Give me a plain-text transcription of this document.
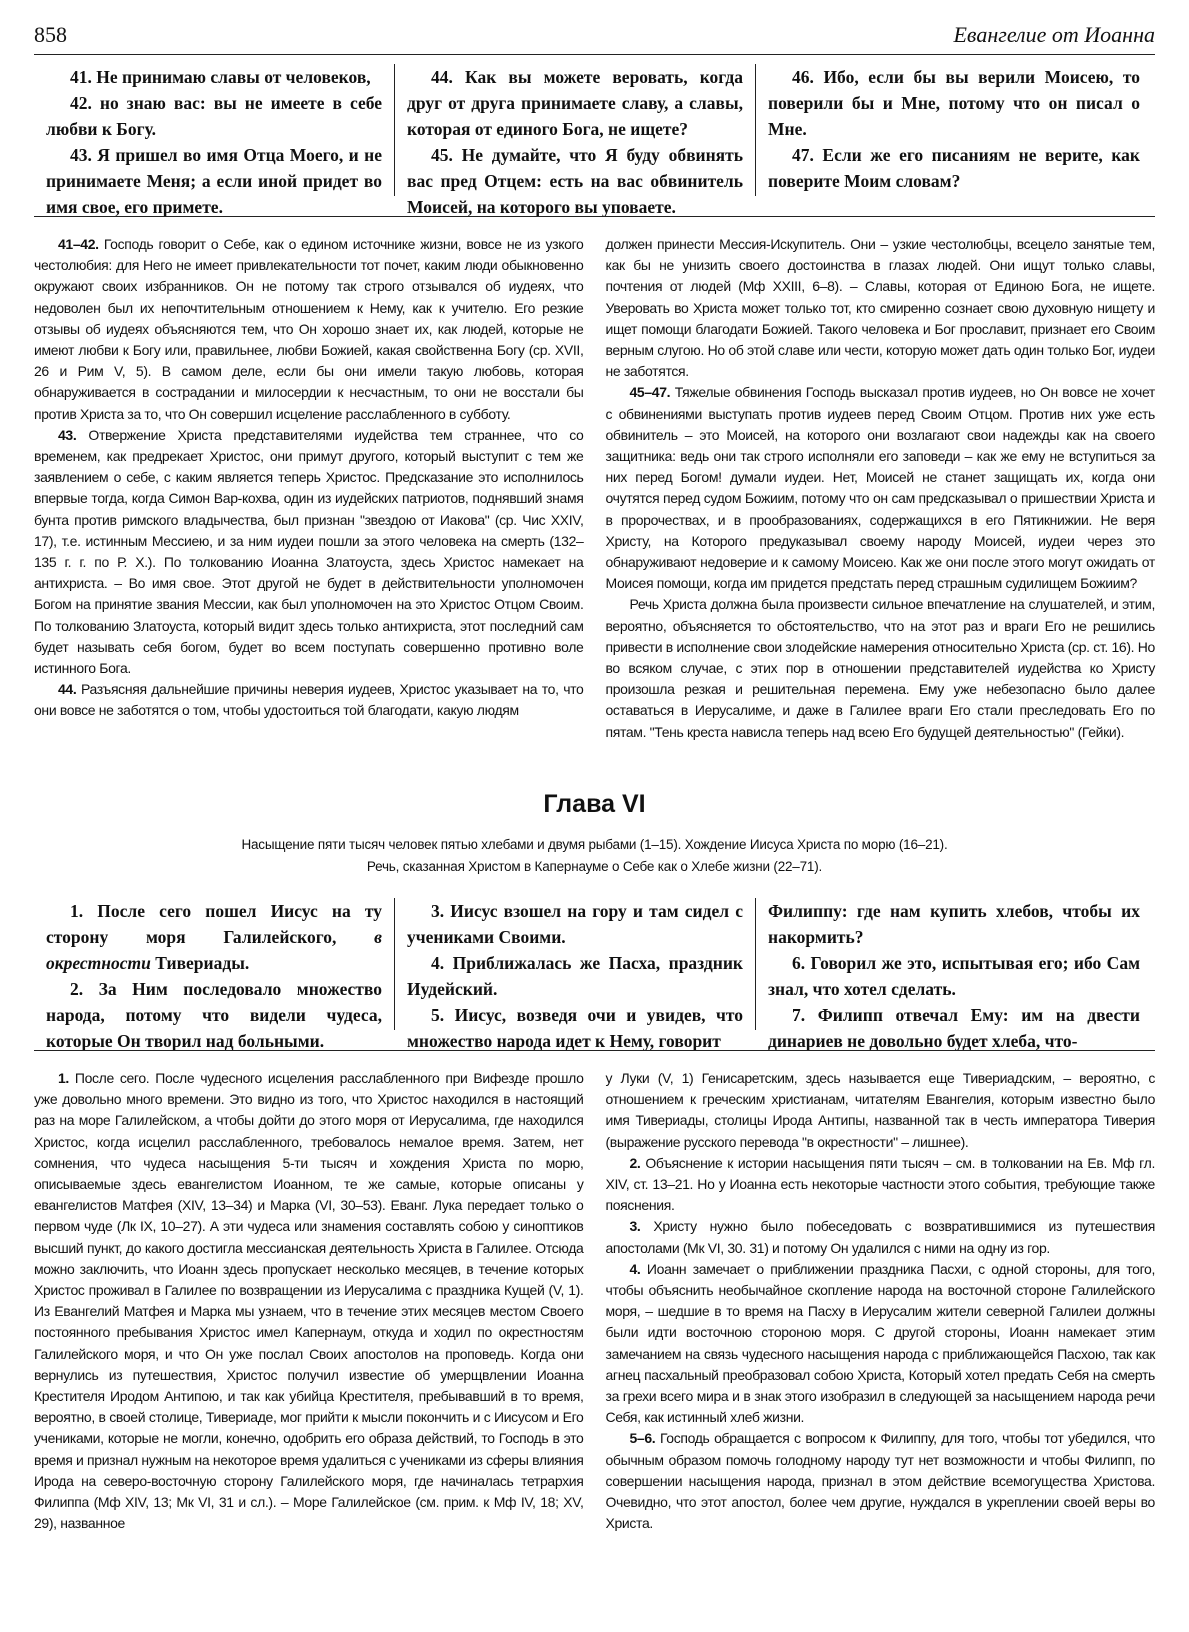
858	Евангелие от Иоанна

41. Не принимаю славы от человеков,

42. но знаю вас: вы не имеете в себе любви к Богу.

43. Я пришел во имя Отца Моего, и не принимаете Меня; а если иной придет во имя свое, его примете.

44. Как вы можете веровать, когда друг от друга принимаете славу, а славы, которая от единого Бога, не ищете?

45. Не думайте, что Я буду обвинять вас пред Отцем: есть на вас обвинитель Моисей, на которого вы уповаете.

46. Ибо, если бы вы верили Моисею, то поверили бы и Мне, потому что он писал о Мне.

47. Если же его писаниям не верите, как поверите Моим словам?

41–42. Господь говорит о Себе, как о едином источнике жизни, вовсе не из узкого честолюбия: для Него не имеет привлекательности тот почет, каким люди обыкновенно окружают своих избранников. Он не потому так строго отзывался об иудеях, что недоволен был их непочтительным отношением к Нему, как к учителю. Его резкие отзывы об иудеях объясняются тем, что Он хорошо знает их, как людей, которые не имеют любви к Богу или, правильнее, любви Божией, какая свойственна Богу (ср. XVII, 26 и Рим V, 5). В самом деле, если бы они имели такую любовь, которая обнаруживается в сострадании и милосердии к несчастным, то они не восстали бы против Христа за то, что Он совершил исцеление расслабленного в субботу.

43. Отвержение Христа представителями иудейства тем страннее, что со временем, как предрекает Христос, они примут другого, который выступит с тем же заявлением о себе, с каким является теперь Христос. Предсказание это исполнилось впервые тогда, когда Симон Вар-кохва, один из иудейских патриотов, поднявший знамя бунта против римского владычества, был признан "звездою от Иакова" (ср. Чис XXIV, 17), т.е. истинным Мессиею, и за ним иудеи пошли за этого человека на смерть (132–135 г. г. по Р. Х.). По толкованию Иоанна Златоуста, здесь Христос намекает на антихриста. – Во имя свое. Этот другой не будет в действительности уполномочен Богом на принятие звания Мессии, как был уполномочен на это Христос Отцом Своим. По толкованию Златоуста, который видит здесь только антихриста, этот последний сам будет называть себя богом, будет во всем поступать совершенно противно воле истинного Бога.

44. Разъясняя дальнейшие причины неверия иудеев, Христос указывает на то, что они вовсе не заботятся о том, чтобы удостоиться той благодати, какую людям

должен принести Мессия-Искупитель. Они – узкие честолюбцы, всецело занятые тем, как бы не унизить своего достоинства в глазах людей. Они ищут только славы, почтения от людей (Мф XXIII, 6–8). – Славы, которая от Единою Бога, не ищете. Уверовать во Христа может только тот, кто смиренно сознает свою духовную нищету и ищет помощи благодати Божией. Такого человека и Бог прославит, признает его Своим верным слугою. Но об этой славе или чести, которую может дать один только Бог, иудеи не заботятся.

45–47. Тяжелые обвинения Господь высказал против иудеев, но Он вовсе не хочет с обвинениями выступать против иудеев перед Своим Отцом. Против них уже есть обвинитель – это Моисей, на которого они возлагают свои надежды как на своего защитника: ведь они так строго исполняли его заповеди – как же ему не вступиться за них перед Богом! думали иудеи. Нет, Моисей не станет защищать их, когда они очутятся перед судом Божиим, потому что он сам предсказывал о пришествии Христа и в пророчествах, и в прообразованиях, содержащихся в его Пятикнижии. Не веря Христу, на Которого предуказывал своему народу Моисей, иудеи через это обнаруживают недоверие и к самому Моисею. Как же они после этого могут ожидать от Моисея помощи, когда им придется предстать перед страшным судилищем Божиим?

Речь Христа должна была произвести сильное впечатление на слушателей, и этим, вероятно, объясняется то обстоятельство, что на этот раз и враги Его не решились привести в исполнение свои злодейские намерения относительно Христа (ср. ст. 16). Но во всяком случае, с этих пор в отношении представителей иудейства ко Христу произошла резкая и решительная перемена. Ему уже небезопасно было далее оставаться в Иерусалиме, и даже в Галилее враги Его стали преследовать Его по пятам. "Тень креста нависла теперь над всею Его будущей деятельностью" (Гейки).

Глава VI
Насыщение пяти тысяч человек пятью хлебами и двумя рыбами (1–15). Хождение Иисуса Христа по морю (16–21).
Речь, сказанная Христом в Капернауме о Себе как о Хлебе жизни (22–71).

1. После сего пошел Иисус на ту сторону моря Галилейского, в окрестности Тивериады.

2. За Ним последовало множество народа, потому что видели чудеса, которые Он творил над больными.

3. Иисус взошел на гору и там сидел с учениками Своими.

4. Приближалась же Пасха, праздник Иудейский.

5. Иисус, возведя очи и увидев, что множество народа идет к Нему, говорит

Филиппу: где нам купить хлебов, чтобы их накормить?

6. Говорил же это, испытывая его; ибо Сам знал, что хотел сделать.

7. Филипп отвечал Ему: им на двести динариев не довольно будет хлеба, что-

1. После сего. После чудесного исцеления расслабленного при Вифезде прошло уже довольно много времени. Это видно из того, что Христос находился в настоящий раз на море Галилейском, а чтобы дойти до этого моря от Иерусалима, где находился Христос, когда исцелил расслабленного, требовалось немалое время. Затем, нет сомнения, что чудеса насыщения 5-ти тысяч и хождения Христа по морю, описываемые здесь евангелистом Иоанном, те же самые, которые описаны у евангелистов Матфея (XIV, 13–34) и Марка (VI, 30–53). Еванг. Лука передает только о первом чуде (Лк IX, 10–27). А эти чудеса или знамения составлять собою у синоптиков высший пункт, до какого достигла мессианская деятельность Христа в Галилее. Отсюда можно заключить, что Иоанн здесь пропускает несколько месяцев, в течение которых Христос проживал в Галилее по возвращении из Иерусалима с праздника Кущей (V, 1). Из Евангелий Матфея и Марка мы узнаем, что в течение этих месяцев местом Своего постоянного пребывания Христос имел Капернаум, откуда и ходил по окрестностям Галилейского моря, и что Он уже послал Своих апостолов на проповедь. Когда они вернулись из путешествия, Христос получил известие об умерщвлении Иоанна Крестителя Иродом Антипою, и так как убийца Крестителя, пребывавший в то время, вероятно, в своей столице, Тивериаде, мог прийти к мысли покончить и с Иисусом и Его учениками, которые не могли, конечно, одобрить его образа действий, то Господь в это время и признал нужным на некоторое время удалиться с учениками из сферы влияния Ирода на северо-восточную сторону Галилейского моря, где начиналась тетрархия Филиппа (Мф XIV, 13; Мк VI, 31 и сл.). – Море Галилейское (см. прим. к Мф IV, 18; XV, 29), названное

у Луки (V, 1) Генисаретским, здесь называется еще Тивериадским, – вероятно, с отношением к греческим христианам, читателям Евангелия, которым известно было имя Тивериады, столицы Ирода Антипы, названной так в честь императора Тиверия (выражение русского перевода "в окрестности" – лишнее).

2. Объяснение к истории насыщения пяти тысяч – см. в толковании на Ев. Мф гл. XIV, ст. 13–21. Но у Иоанна есть некоторые частности этого события, требующие также пояснения.

3. Христу нужно было побеседовать с возвратившимися из путешествия апостолами (Мк VI, 30. 31) и потому Он удалился с ними на одну из гор.

4. Иоанн замечает о приближении праздника Пасхи, с одной стороны, для того, чтобы объяснить необычайное скопление народа на восточной стороне Галилейского моря, – шедшие в то время на Пасху в Иерусалим жители северной Галилеи должны были идти восточною стороною моря. С другой стороны, Иоанн намекает этим замечанием на связь чудесного насыщения народа с приближающейся Пасхою, так как агнец пасхальный преобразовал собою Христа, Который хотел предать Себя на смерть за грехи всего мира и в знак этого изобразил в следующей за насыщением народа речи Себя, как истинный хлеб жизни.

5–6. Господь обращается с вопросом к Филиппу, для того, чтобы тот убедился, что обычным образом помочь голодному народу тут нет возможности и чтобы Филипп, по совершении насыщения народа, признал в этом действие всемогущества Христова. Очевидно, что этот апостол, более чем другие, нуждался в укреплении своей веры во Христа.
